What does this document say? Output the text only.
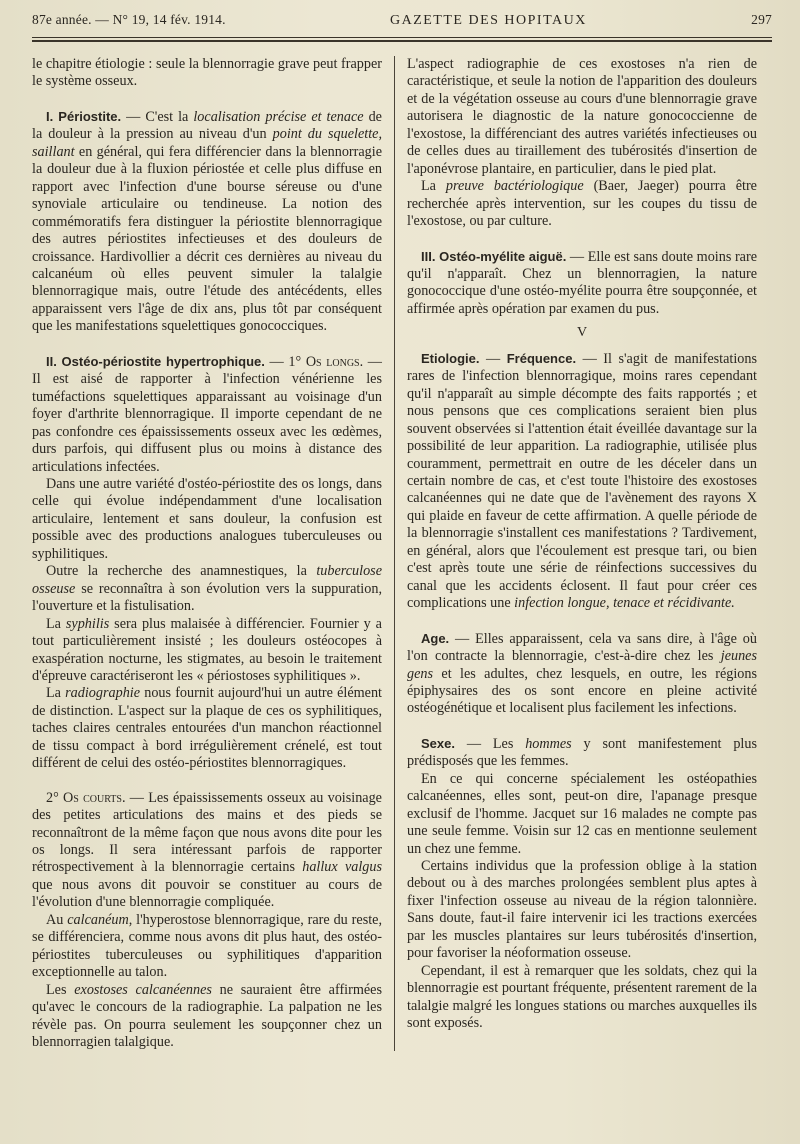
87e année. — N° 19, 14 fév. 1914.	GAZETTE DES HOPITAUX	297

le chapitre étiologie : seule la blennorragie grave peut frapper le système osseux.

I. Périostite. — C'est la localisation précise et tenace de la douleur à la pression au niveau d'un point du squelette, saillant en général, qui fera différencier dans la blennorragie la douleur due à la fluxion périostée et celle plus diffuse en rapport avec l'infection d'une bourse séreuse ou d'une synoviale articulaire ou tendineuse. La notion des commémoratifs fera distinguer la périostite blennorragique des autres périostites infectieuses et des douleurs de croissance. Hardivollier a décrit ces dernières au niveau du calcanéum où elles peuvent simuler la talalgie blennorragique mais, outre l'étude des antécédents, elles apparaissent vers l'âge de dix ans, plus tôt par conséquent que les manifestations squelettiques gonococciques.

II. Ostéo-périostite hypertrophique. — 1° Os longs. — Il est aisé de rapporter à l'infection vénérienne les tuméfactions squelettiques apparaissant au voisinage d'un foyer d'arthrite blennorragique. Il importe cependant de ne pas confondre ces épaississements osseux avec les œdèmes, durs parfois, qui diffusent plus ou moins à distance des articulations infectées.

Dans une autre variété d'ostéo-périostite des os longs, dans celle qui évolue indépendamment d'une localisation articulaire, lentement et sans douleur, la confusion est possible avec des productions analogues tuberculeuses ou syphilitiques.

Outre la recherche des anamnestiques, la tuberculose osseuse se reconnaîtra à son évolution vers la suppuration, l'ouverture et la fistulisation.

La syphilis sera plus malaisée à différencier. Fournier y a tout particulièrement insisté ; les douleurs ostéocopes à exaspération nocturne, les stigmates, au besoin le traitement d'épreuve caractériseront les « périostoses syphilitiques ».

La radiographie nous fournit aujourd'hui un autre élément de distinction. L'aspect sur la plaque de ces os syphilitiques, taches claires centrales entourées d'un manchon réactionnel de tissu compact à bord irrégulièrement crénelé, est tout différent de celui des ostéo-périostites blennorragiques.

2° Os courts. — Les épaississements osseux au voisinage des petites articulations des mains et des pieds se reconnaîtront de la même façon que nous avons dite pour les os longs. Il sera intéressant parfois de rapporter rétrospectivement à la blennorragie certains hallux valgus que nous avons dit pouvoir se constituer au cours de l'évolution d'une blennorragie compliquée.

Au calcanéum, l'hyperostose blennorragique, rare du reste, se différenciera, comme nous avons dit plus haut, des ostéo-périostites tuberculeuses ou syphilitiques d'apparition exceptionnelle au talon.

Les exostoses calcanéennes ne sauraient être affirmées qu'avec le concours de la radiographie. La palpation ne les révèle pas. On pourra seulement les soupçonner chez un blennorragien talalgique.

L'aspect radiographie de ces exostoses n'a rien de caractéristique, et seule la notion de l'apparition des douleurs et de la végétation osseuse au cours d'une blennorragie grave autorisera le diagnostic de la nature gonococcienne de l'exostose, la différenciant des autres variétés infectieuses ou de celles dues au tiraillement des tubérosités d'insertion de l'aponévrose plantaire, en particulier, dans le pied plat.

La preuve bactériologique (Baer, Jaeger) pourra être recherchée après intervention, sur les coupes du tissu de l'exostose, ou par culture.

III. Ostéo-myélite aiguë. — Elle est sans doute moins rare qu'il n'apparaît. Chez un blennorragien, la nature gonococcique d'une ostéo-myélite pourra être soupçonnée, et affirmée après opération par examen du pus.

V

Etiologie. — Fréquence. — Il s'agit de manifestations rares de l'infection blennorragique, moins rares cependant qu'il n'apparaît au simple décompte des faits rapportés ; et nous pensons que ces complications seraient bien plus souvent observées si l'attention était éveillée davantage sur la possibilité de leur apparition. La radiographie, utilisée plus couramment, permettrait en outre de les déceler dans un certain nombre de cas, et c'est toute l'histoire des exostoses calcanéennes qui ne date que de l'avènement des rayons X qui plaide en faveur de cette affirmation. A quelle période de la blennorragie s'installent ces manifestations ? Tardivement, en général, alors que l'écoulement est presque tari, ou bien c'est après toute une série de réinfections successives du canal que les accidents éclosent. Il faut pour créer ces complications une infection longue, tenace et récidivante.

Age. — Elles apparaissent, cela va sans dire, à l'âge où l'on contracte la blennorragie, c'est-à-dire chez les jeunes gens et les adultes, chez lesquels, en outre, les régions épiphysaires des os sont encore en pleine activité ostéogénétique et localisent plus facilement les infections.

Sexe. — Les hommes y sont manifestement plus prédisposés que les femmes.

En ce qui concerne spécialement les ostéopathies calcanéennes, elles sont, peut-on dire, l'apanage presque exclusif de l'homme. Jacquet sur 16 malades ne compte pas une seule femme. Voisin sur 12 cas en mentionne seulement un chez une femme.

Certains individus que la profession oblige à la station debout ou à des marches prolongées semblent plus aptes à fixer l'infection osseuse au niveau de la région talonnière. Sans doute, faut-il faire intervenir ici les tractions exercées par les muscles plantaires sur leurs tubérosités d'insertion, pour favoriser la néoformation osseuse.

Cependant, il est à remarquer que les soldats, chez qui la blennorragie est pourtant fréquente, présentent rarement de la talalgie malgré les longues stations ou marches auxquelles ils sont exposés.
